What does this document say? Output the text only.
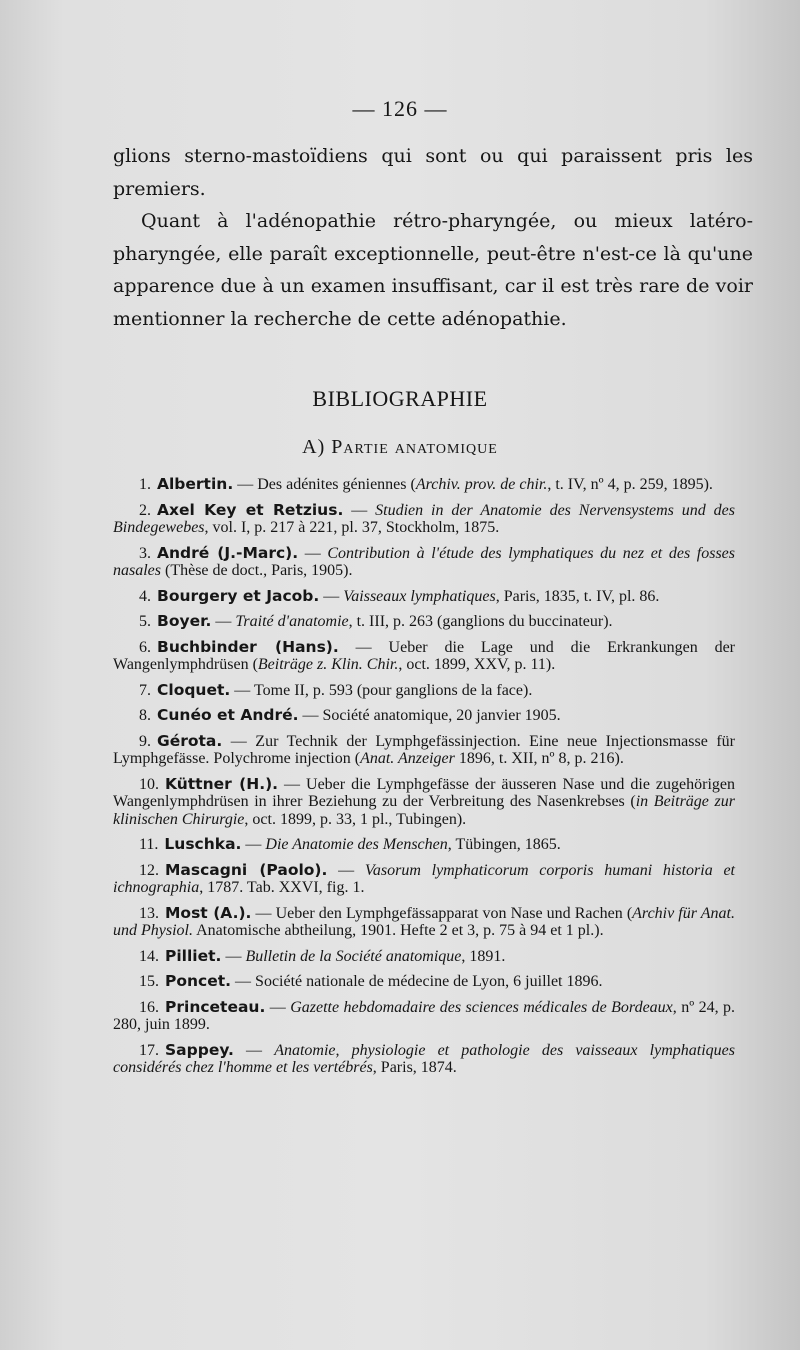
— 126 —

glions sterno-mastoïdiens qui sont ou qui paraissent pris les premiers.

Quant à l'adénopathie rétro-pharyngée, ou mieux latéro-pharyngée, elle paraît exceptionnelle, peut-être n'est-ce là qu'une apparence due à un examen insuffisant, car il est très rare de voir mentionner la recherche de cette adénopathie.

BIBLIOGRAPHIE
A) Partie anatomique

1. Albertin. — Des adénites géniennes (Archiv. prov. de chir., t. IV, nº 4, p. 259, 1895).

2. Axel Key et Retzius. — Studien in der Anatomie des Nervensystems und des Bindegewebes, vol. I, p. 217 à 221, pl. 37, Stockholm, 1875.

3. André (J.-Marc). — Contribution à l'étude des lymphatiques du nez et des fosses nasales (Thèse de doct., Paris, 1905).

4. Bourgery et Jacob. — Vaisseaux lymphatiques, Paris, 1835, t. IV, pl. 86.

5. Boyer. — Traité d'anatomie, t. III, p. 263 (ganglions du buccinateur).

6. Buchbinder (Hans). — Ueber die Lage und die Erkrankungen der Wangenlymphdrüsen (Beiträge z. Klin. Chir., oct. 1899, XXV, p. 11).

7. Cloquet. — Tome II, p. 593 (pour ganglions de la face).

8. Cunéo et André. — Société anatomique, 20 janvier 1905.

9. Gérota. — Zur Technik der Lymphgefässinjection. Eine neue Injectionsmasse für Lymphgefässe. Polychrome injection (Anat. Anzeiger 1896, t. XII, nº 8, p. 216).

10. Küttner (H.). — Ueber die Lymphgefässe der äusseren Nase und die zugehörigen Wangenlymphdrüsen in ihrer Beziehung zu der Verbreitung des Nasenkrebses (in Beiträge zur klinischen Chirurgie, oct. 1899, p. 33, 1 pl., Tubingen).

11. Luschka. — Die Anatomie des Menschen, Tübingen, 1865.

12. Mascagni (Paolo). — Vasorum lymphaticorum corporis humani historia et ichnographia, 1787. Tab. XXVI, fig. 1.

13. Most (A.). — Ueber den Lymphgefässapparat von Nase und Rachen (Archiv für Anat. und Physiol. Anatomische abtheilung, 1901. Hefte 2 et 3, p. 75 à 94 et 1 pl.).

14. Pilliet. — Bulletin de la Société anatomique, 1891.

15. Poncet. — Société nationale de médecine de Lyon, 6 juillet 1896.

16. Princeteau. — Gazette hebdomadaire des sciences médicales de Bordeaux, nº 24, p. 280, juin 1899.

17. Sappey. — Anatomie, physiologie et pathologie des vaisseaux lymphatiques considérés chez l'homme et les vertébrés, Paris, 1874.
